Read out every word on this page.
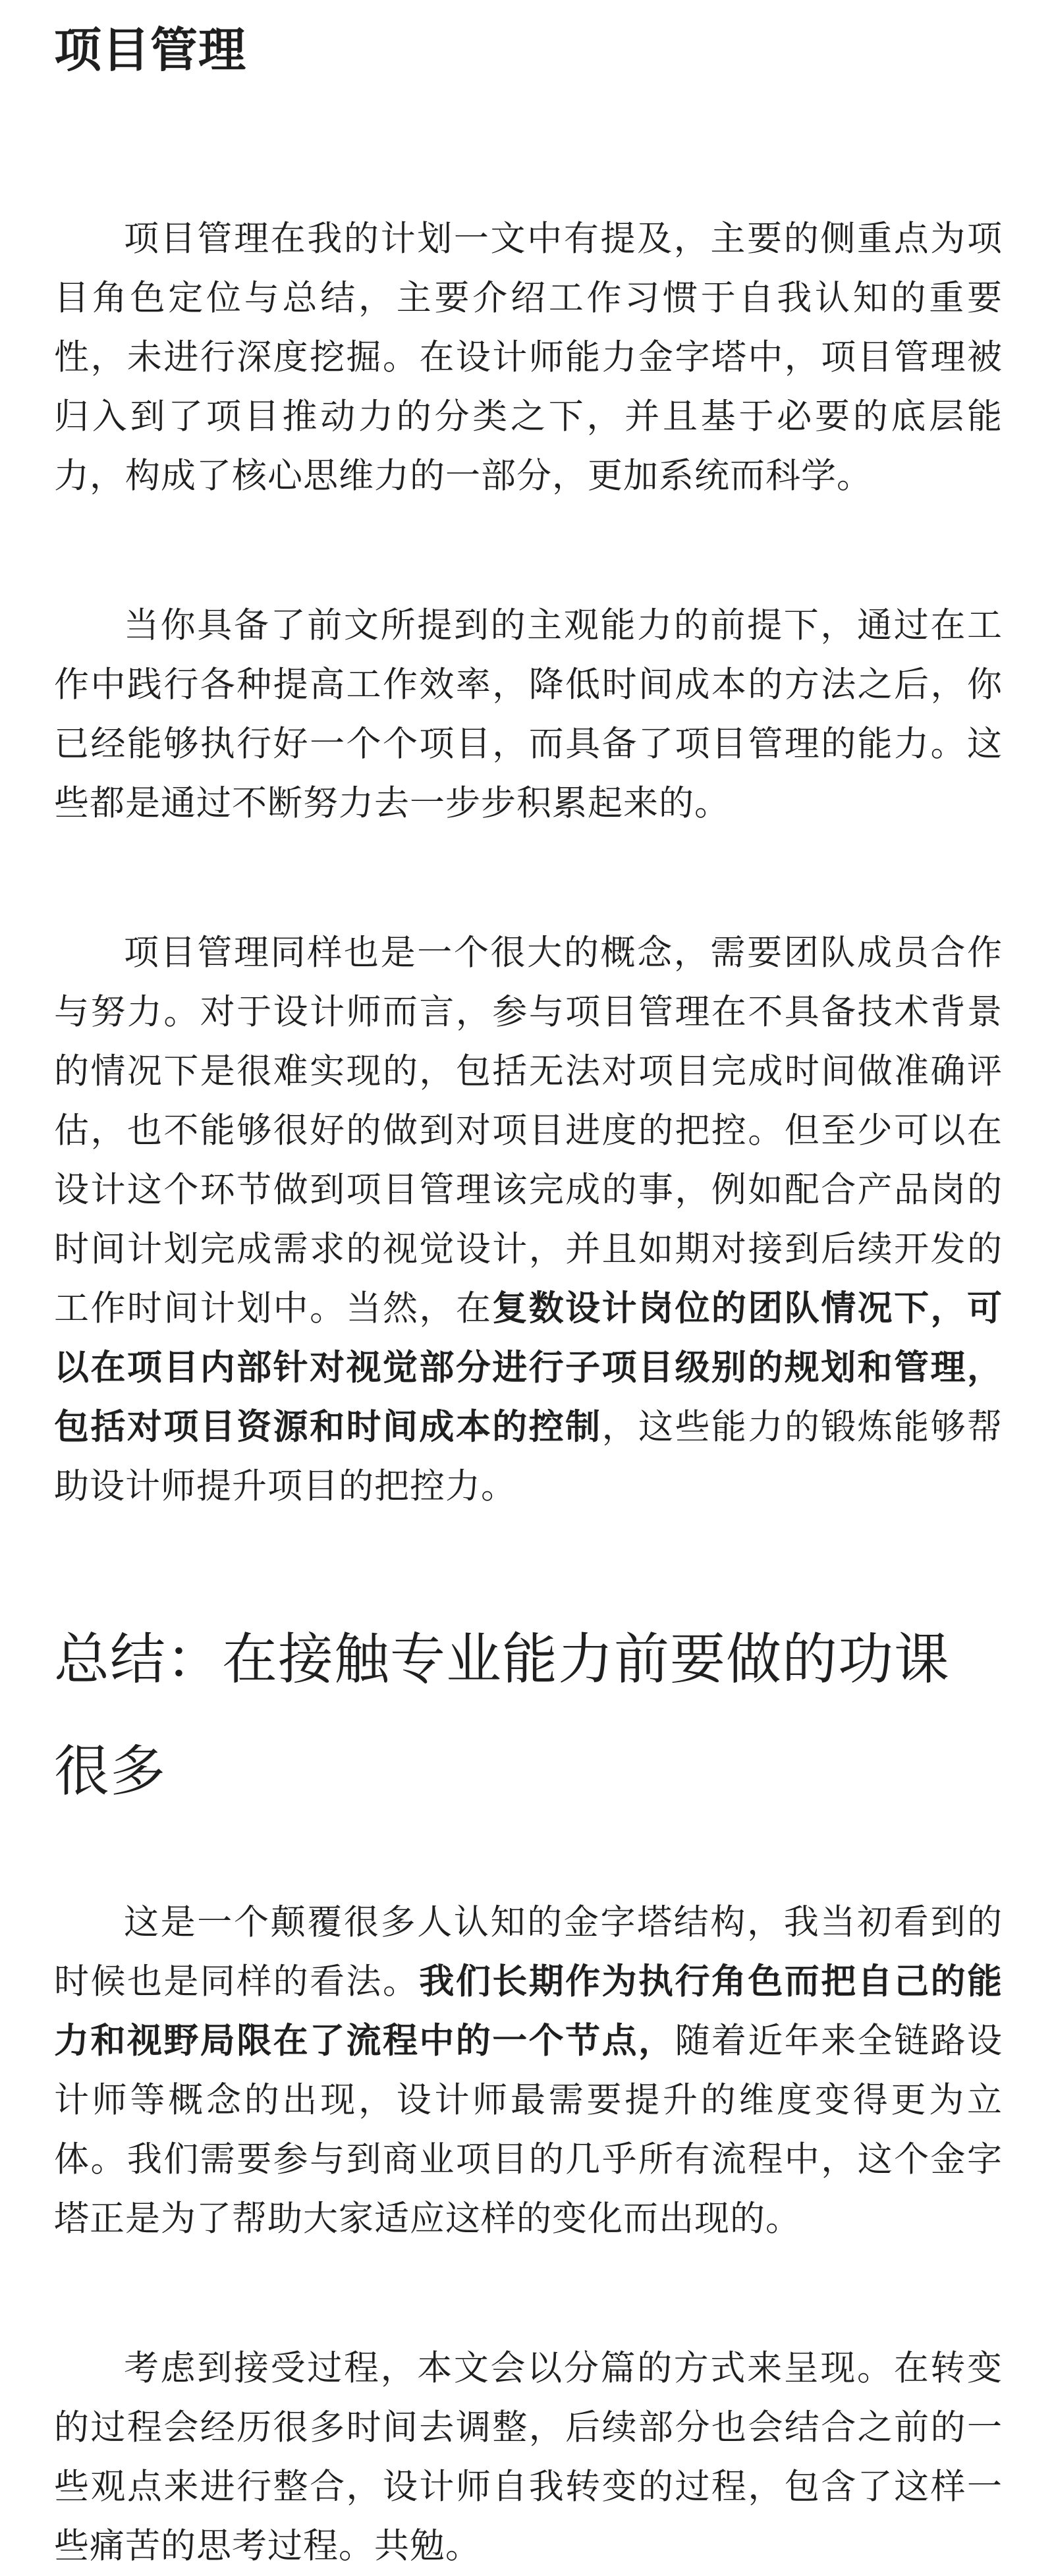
项目管理

项目管理在我的计划一文中有提及，主要的侧重点为项目角色定位与总结，主要介绍工作习惯于自我认知的重要性，未进行深度挖掘。在设计师能力金字塔中，项目管理被归入到了项目推动力的分类之下，并且基于必要的底层能力，构成了核心思维力的一部分，更加系统而科学。

当你具备了前文所提到的主观能力的前提下，通过在工作中践行各种提高工作效率，降低时间成本的方法之后，你已经能够执行好一个个项目，而具备了项目管理的能力。这些都是通过不断努力去一步步积累起来的。

项目管理同样也是一个很大的概念，需要团队成员合作与努力。对于设计师而言，参与项目管理在不具备技术背景的情况下是很难实现的，包括无法对项目完成时间做准确评估，也不能够很好的做到对项目进度的把控。但至少可以在设计这个环节做到项目管理该完成的事，例如配合产品岗的时间计划完成需求的视觉设计，并且如期对接到后续开发的工作时间计划中。当然，在复数设计岗位的团队情况下，可以在项目内部针对视觉部分进行子项目级别的规划和管理，包括对项目资源和时间成本的控制，这些能力的锻炼能够帮助设计师提升项目的把控力。

总结：在接触专业能力前要做的功课很多

这是一个颠覆很多人认知的金字塔结构，我当初看到的时候也是同样的看法。我们长期作为执行角色而把自己的能力和视野局限在了流程中的一个节点，随着近年来全链路设计师等概念的出现，设计师最需要提升的维度变得更为立体。我们需要参与到商业项目的几乎所有流程中，这个金字塔正是为了帮助大家适应这样的变化而出现的。

考虑到接受过程，本文会以分篇的方式来呈现。在转变的过程会经历很多时间去调整，后续部分也会结合之前的一些观点来进行整合，设计师自我转变的过程，包含了这样一些痛苦的思考过程。共勉。
